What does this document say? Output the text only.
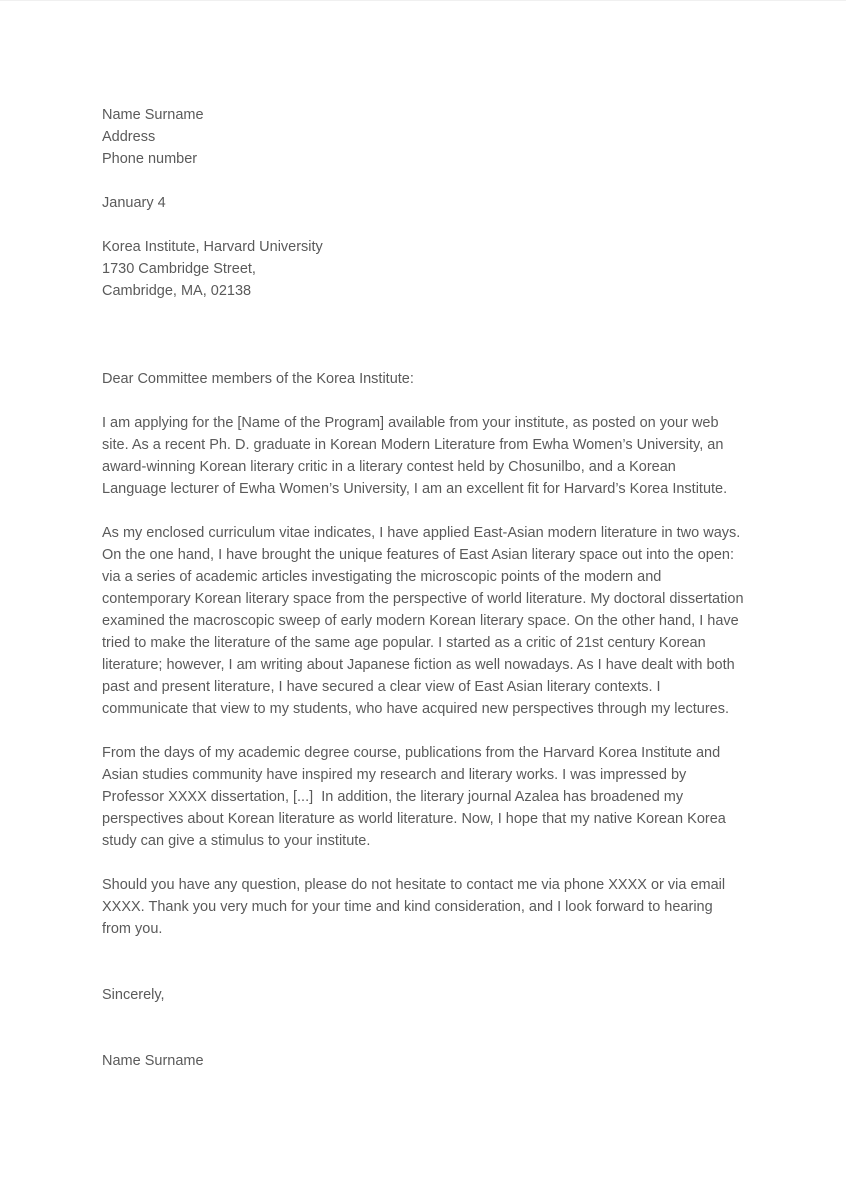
Name Surname
Address
Phone number
January 4
Korea Institute, Harvard University
1730 Cambridge Street,
Cambridge, MA, 02138

Dear Committee members of the Korea Institute:

I am applying for the [Name of the Program] available from your institute, as posted on your web site. As a recent Ph. D. graduate in Korean Modern Literature from Ewha Women’s University, an award-winning Korean literary critic in a literary contest held by Chosunilbo, and a Korean Language lecturer of Ewha Women’s University, I am an excellent fit for Harvard’s Korea Institute.

As my enclosed curriculum vitae indicates, I have applied East-Asian modern literature in two ways. On the one hand, I have brought the unique features of East Asian literary space out into the open: via a series of academic articles investigating the microscopic points of the modern and contemporary Korean literary space from the perspective of world literature. My doctoral dissertation examined the macroscopic sweep of early modern Korean literary space. On the other hand, I have tried to make the literature of the same age popular. I started as a critic of 21st century Korean literature; however, I am writing about Japanese fiction as well nowadays. As I have dealt with both past and present literature, I have secured a clear view of East Asian literary contexts. I communicate that view to my students, who have acquired new perspectives through my lectures.

From the days of my academic degree course, publications from the Harvard Korea Institute and Asian studies community have inspired my research and literary works. I was impressed by Professor XXXX dissertation, [...]  In addition, the literary journal Azalea has broadened my perspectives about Korean literature as world literature. Now, I hope that my native Korean Korea study can give a stimulus to your institute.

Should you have any question, please do not hesitate to contact me via phone XXXX or via email XXXX. Thank you very much for your time and kind consideration, and I look forward to hearing from you.

Sincerely,

Name Surname
